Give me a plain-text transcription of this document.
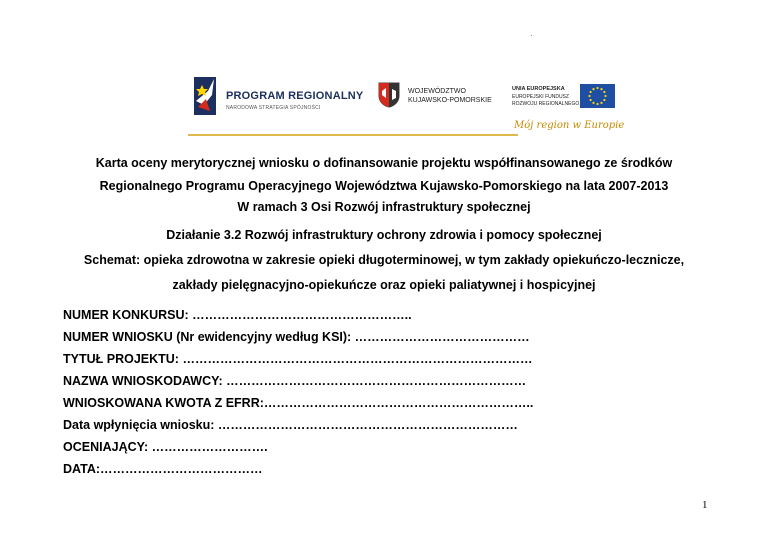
.
PROGRAM REGIONALNY
NARODOWA STRATEGIA SPÓJNOŚCI
WOJEWÓDZTWO
KUJAWSKO-POMORSKIE
UNIA EUROPEJSKA
EUROPEJSKI FUNDUSZ
ROZWOJU REGIONALNEGO
Mój region w Europie
Karta oceny merytorycznej wniosku o dofinansowanie projektu współfinansowanego ze środków
Regionalnego Programu Operacyjnego Województwa Kujawsko-Pomorskiego na lata 2007-2013
W ramach 3 Osi Rozwój infrastruktury społecznej
Działanie 3.2 Rozwój infrastruktury ochrony zdrowia i pomocy społecznej
Schemat: opieka zdrowotna w zakresie opieki długoterminowej, w tym zakłady opiekuńczo-lecznicze,
zakłady pielęgnacyjno-opiekuńcze oraz opieki paliatywnej i hospicyjnej
NUMER KONKURSU: ……………………………………………..
NUMER WNIOSKU (Nr ewidencyjny według KSI): ……………………………………
TYTUŁ PROJEKTU: …………………………………………………………………………
NAZWA WNIOSKODAWCY: ………………………………………………………………
WNIOSKOWANA KWOTA Z EFRR:………………………………………………………..
Data wpłynięcia wniosku: ………………………………………………………………
OCENIAJĄCY: ……………………….
DATA:…………………………………
1
